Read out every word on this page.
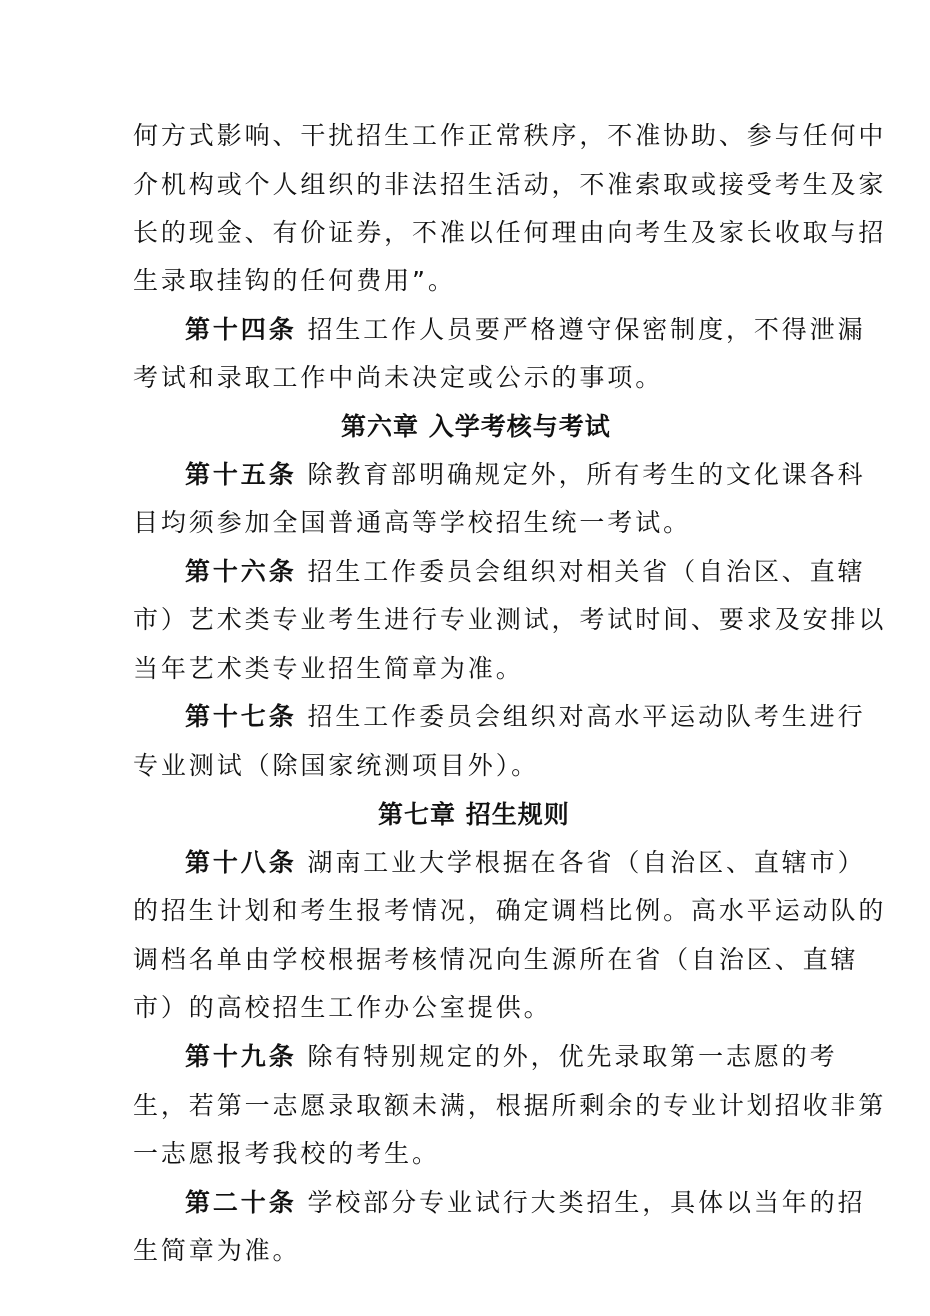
何方式影响、干扰招生工作正常秩序，不准协助、参与任何中
介机构或个人组织的非法招生活动，不准索取或接受考生及家
长的现金、有价证券，不准以任何理由向考生及家长收取与招
生录取挂钩的任何费用”。
第十四条 招生工作人员要严格遵守保密制度，不得泄漏
考试和录取工作中尚未决定或公示的事项。
第六章 入学考核与考试
第十五条 除教育部明确规定外，所有考生的文化课各科
目均须参加全国普通高等学校招生统一考试。
第十六条 招生工作委员会组织对相关省（自治区、直辖
市）艺术类专业考生进行专业测试，考试时间、要求及安排以
当年艺术类专业招生简章为准。
第十七条 招生工作委员会组织对高水平运动队考生进行
专业测试（除国家统测项目外）。
第七章 招生规则
第十八条 湖南工业大学根据在各省（自治区、直辖市）
的招生计划和考生报考情况，确定调档比例。高水平运动队的
调档名单由学校根据考核情况向生源所在省（自治区、直辖
市）的高校招生工作办公室提供。
第十九条 除有特别规定的外，优先录取第一志愿的考
生，若第一志愿录取额未满，根据所剩余的专业计划招收非第
一志愿报考我校的考生。
第二十条 学校部分专业试行大类招生，具体以当年的招
生简章为准。
